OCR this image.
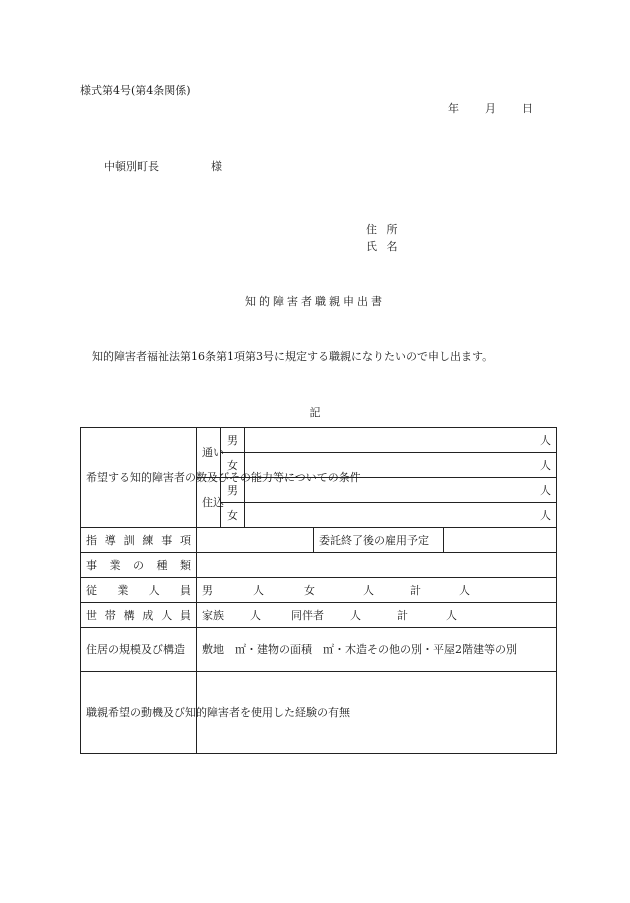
様式第4号(第4条関係)
年 月 日
中頓別町長	様
住 所
氏 名
知的障害者職親申出書
知的障害者福祉法第16条第1項第3号に規定する職親になりたいので申し出ます。
記
希望する知的障害者の数及びその能力等についての条件	通い	男	人		
		女	人		
	住込	男	人		
		女	人		
指導訓練事項				委託終了後の雇用予定	
事業の種類					
従業人員	男 人 女 人 計 人				
世帯構成人員	家族 人 同伴者 人 計 人				
住居の規模及び構造	敷地　㎡・建物の面積　㎡・木造その他の別・平屋2階建等の別				
職親希望の動機及び知的障害者を使用した経験の有無					
